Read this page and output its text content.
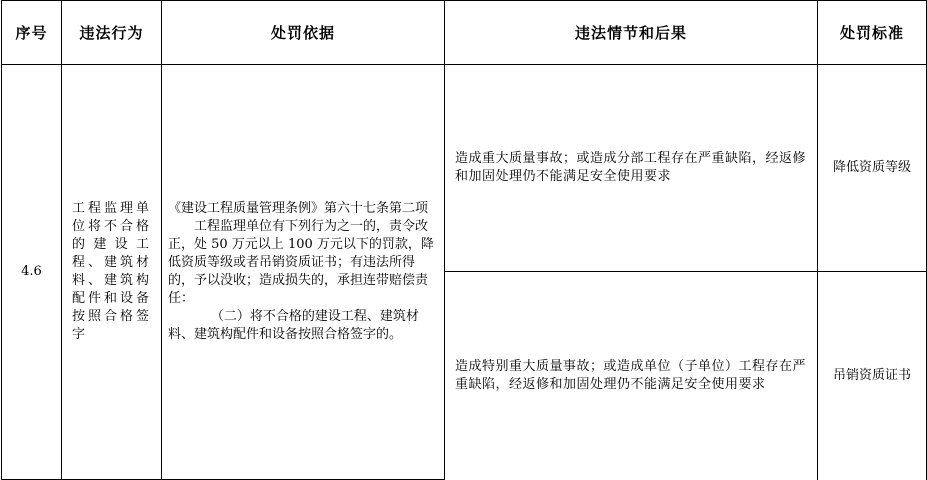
序号	违法行为	处罚依据	违法情节和后果	处罚标准
4.6	工程监理单位将不合格的建设工程、建筑材料、建筑构配件和设备按照合格签字	《建设工程质量管理条例》第六十七条第二项

工程监理单位有下列行为之一的，责令改正，处 50 万元以上 100 万元以下的罚款，降低资质等级或者吊销资质证书；有违法所得的，予以没收；造成损失的，承担连带赔偿责任：

（二）将不合格的建设工程、建筑材料、建筑构配件和设备按照合格签字的。	造成重大质量事故；或造成分部工程存在严重缺陷，经返修和加固处理仍不能满足安全使用要求	降低资质等级
			造成特别重大质量事故；或造成单位（子单位）工程存在严重缺陷，经返修和加固处理仍不能满足安全使用要求	吊销资质证书
